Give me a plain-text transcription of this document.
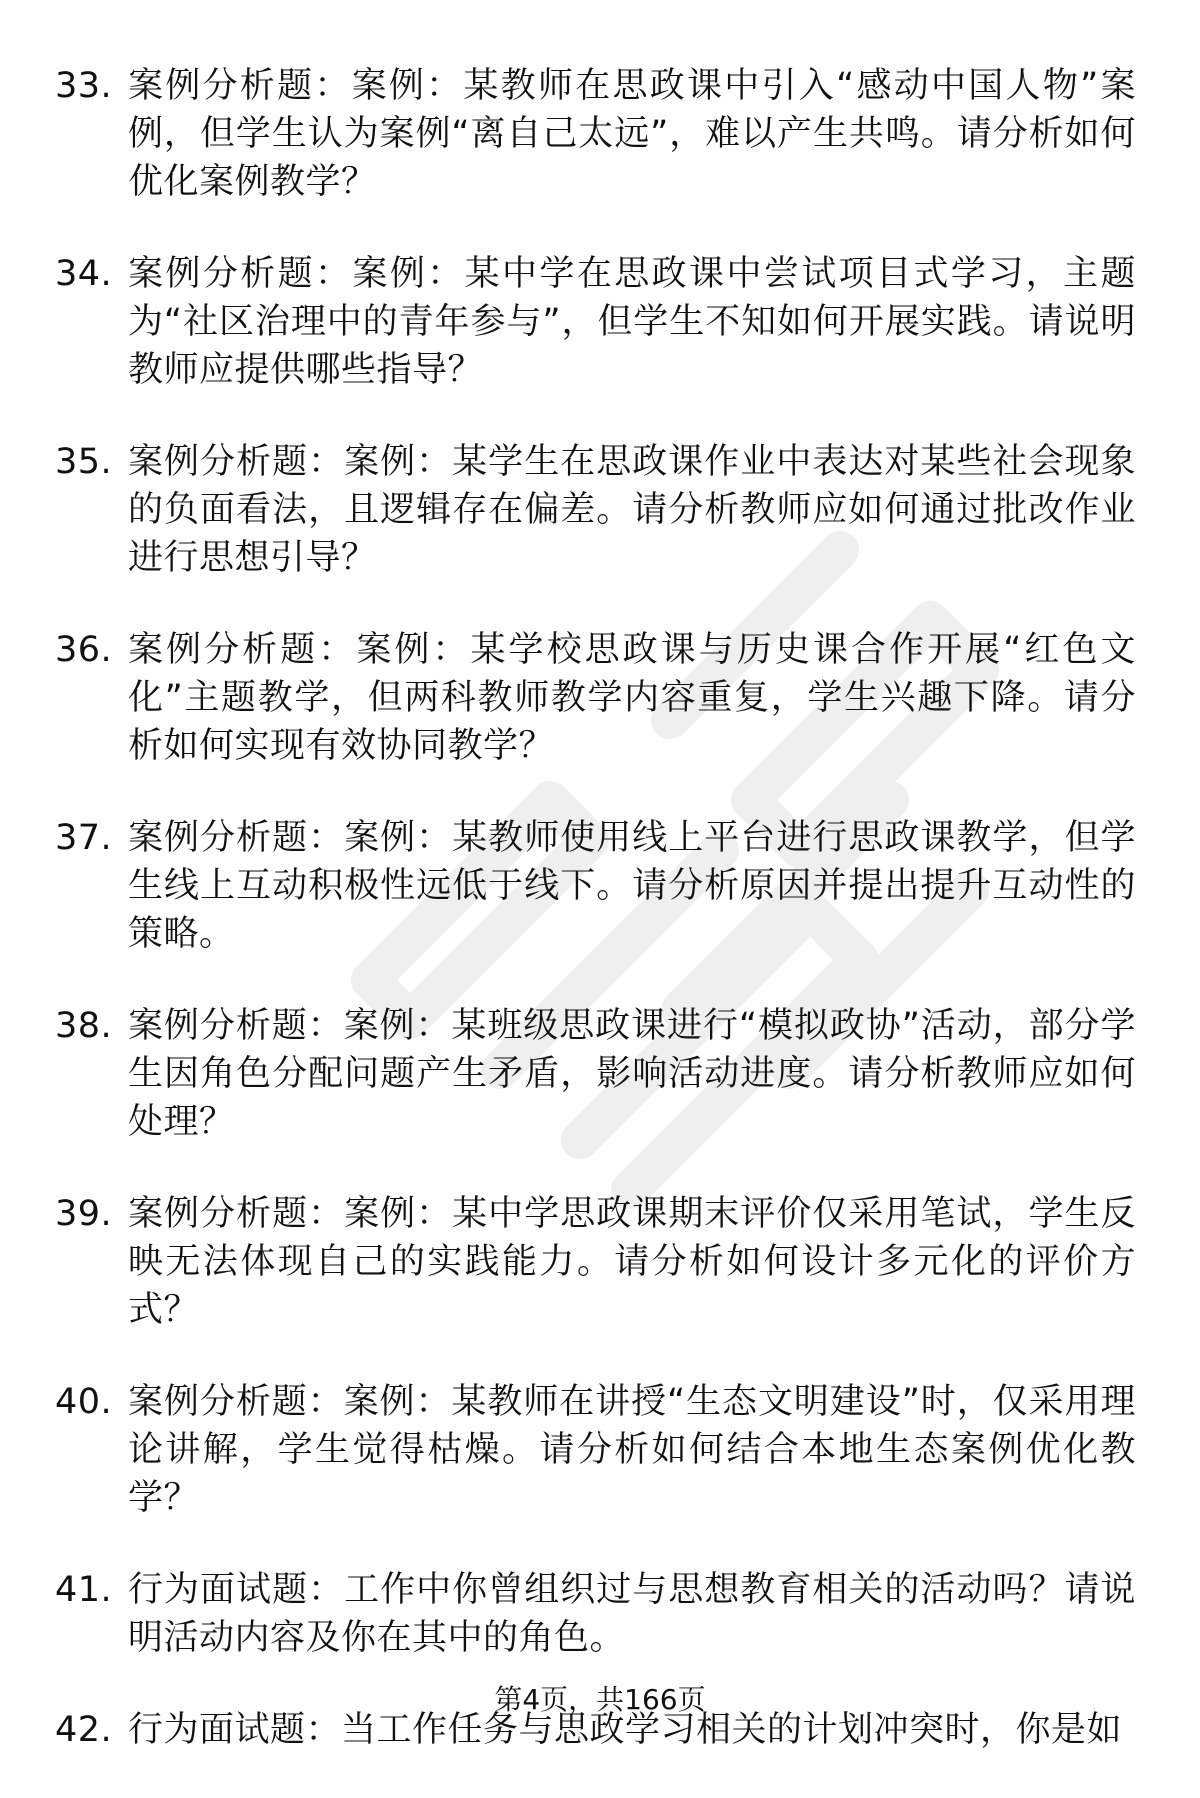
33. 案例分析题：案例：某教师在思政课中引入“感动中国人物”案例，但学生认为案例“离自己太远”，难以产生共鸣。请分析如何优化案例教学？
34. 案例分析题：案例：某中学在思政课中尝试项目式学习，主题为“社区治理中的青年参与”，但学生不知如何开展实践。请说明教师应提供哪些指导？
35. 案例分析题：案例：某学生在思政课作业中表达对某些社会现象的负面看法，且逻辑存在偏差。请分析教师应如何通过批改作业进行思想引导？
36. 案例分析题：案例：某学校思政课与历史课合作开展“红色文化”主题教学，但两科教师教学内容重复，学生兴趣下降。请分析如何实现有效协同教学？
37. 案例分析题：案例：某教师使用线上平台进行思政课教学，但学生线上互动积极性远低于线下。请分析原因并提出提升互动性的策略。
38. 案例分析题：案例：某班级思政课进行“模拟政协”活动，部分学生因角色分配问题产生矛盾，影响活动进度。请分析教师应如何处理？
39. 案例分析题：案例：某中学思政课期末评价仅采用笔试，学生反映无法体现自己的实践能力。请分析如何设计多元化的评价方式？
40. 案例分析题：案例：某教师在讲授“生态文明建设”时，仅采用理论讲解，学生觉得枯燥。请分析如何结合本地生态案例优化教学？
41. 行为面试题：工作中你曾组织过与思想教育相关的活动吗？请说明活动内容及你在其中的角色。
42. 行为面试题：当工作任务与思政学习相关的计划冲突时，你是如
第4页，共166页
